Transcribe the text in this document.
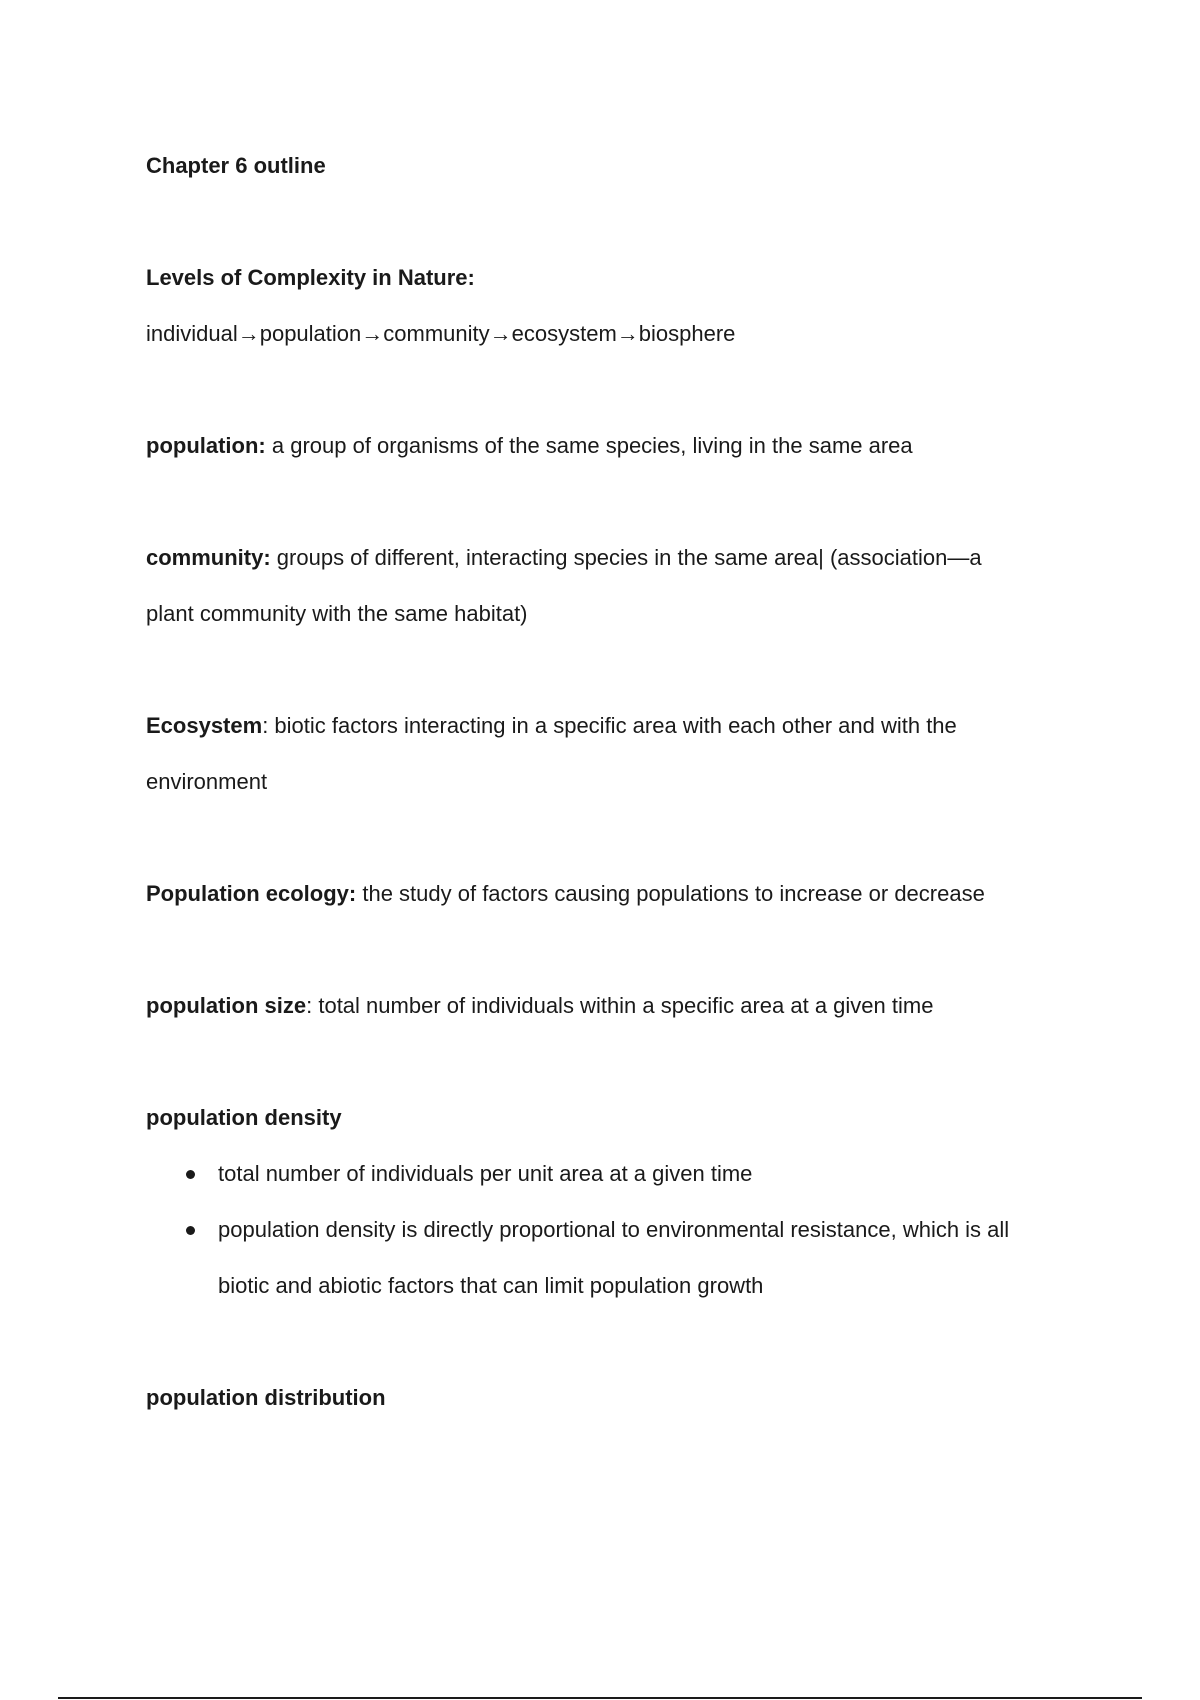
Chapter 6 outline
Levels of Complexity in Nature:
individual→population→community→ecosystem→biosphere
population: a group of organisms of the same species, living in the same area
community: groups of different, interacting species in the same area| (association—a
plant community with the same habitat)
Ecosystem: biotic factors interacting in a specific area with each other and with the
environment
Population ecology: the study of factors causing populations to increase or decrease
population size: total number of individuals within a specific area at a given time
population density
total number of individuals per unit area at a given time
population density is directly proportional to environmental resistance, which is all
biotic and abiotic factors that can limit population growth
population distribution
